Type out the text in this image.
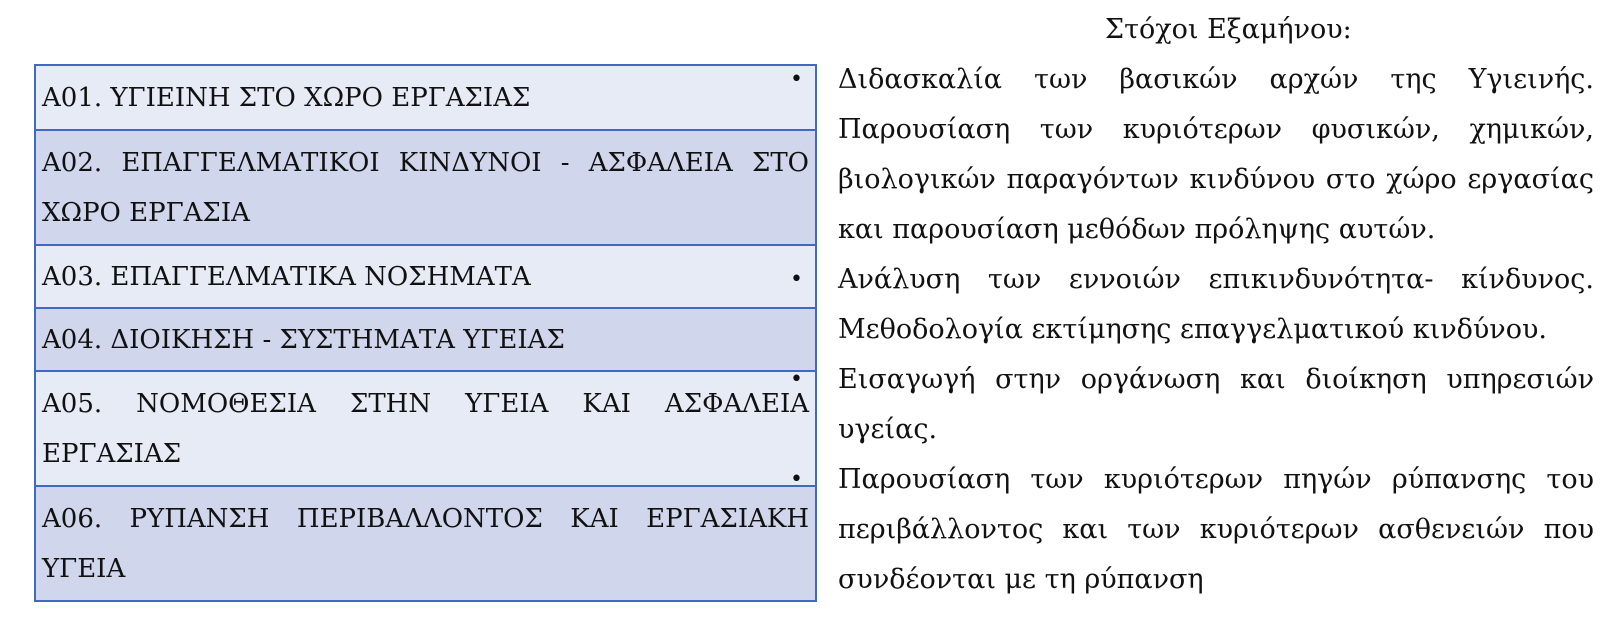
Α01. ΥΓΙΕΙΝΗ ΣΤΟ ΧΩΡΟ ΕΡΓΑΣΙΑΣ
Α02. ΕΠΑΓΓΕΛΜΑΤΙΚΟΙ ΚΙΝΔΥΝΟΙ - ΑΣΦΑΛΕΙΑ ΣΤΟ ΧΩΡΟ ΕΡΓΑΣΙΑ
Α03. ΕΠΑΓΓΕΛΜΑΤΙΚΑ ΝΟΣΗΜΑΤΑ
Α04. ΔΙΟΙΚΗΣΗ - ΣΥΣΤΗΜΑΤΑ ΥΓΕΙΑΣ
Α05. ΝΟΜΟΘΕΣΙΑ ΣΤΗΝ ΥΓΕΙΑ ΚΑΙ ΑΣΦΑΛΕΙΑ ΕΡΓΑΣΙΑΣ
Α06. ΡΥΠΑΝΣΗ ΠΕΡΙΒΑΛΛΟΝΤΟΣ ΚΑΙ ΕΡΓΑΣΙΑΚΗ ΥΓΕΙΑ
Στόχοι Εξαμήνου:
• Διδασκαλία των βασικών αρχών της Υγιεινής. Παρουσίαση των κυριότερων φυσικών, χημικών, βιολογικών παραγόντων κινδύνου στο χώρο εργασίας και παρουσίαση μεθόδων πρόληψης αυτών.
• Ανάλυση των εννοιών επικινδυνότητα- κίνδυνος. Μεθοδολογία εκτίμησης επαγγελματικού κινδύνου.
• Εισαγωγή στην οργάνωση και διοίκηση υπηρεσιών υγείας.
• Παρουσίαση των κυριότερων πηγών ρύπανσης του περιβάλλοντος και των κυριότερων ασθενειών που συνδέονται με τη ρύπανση
